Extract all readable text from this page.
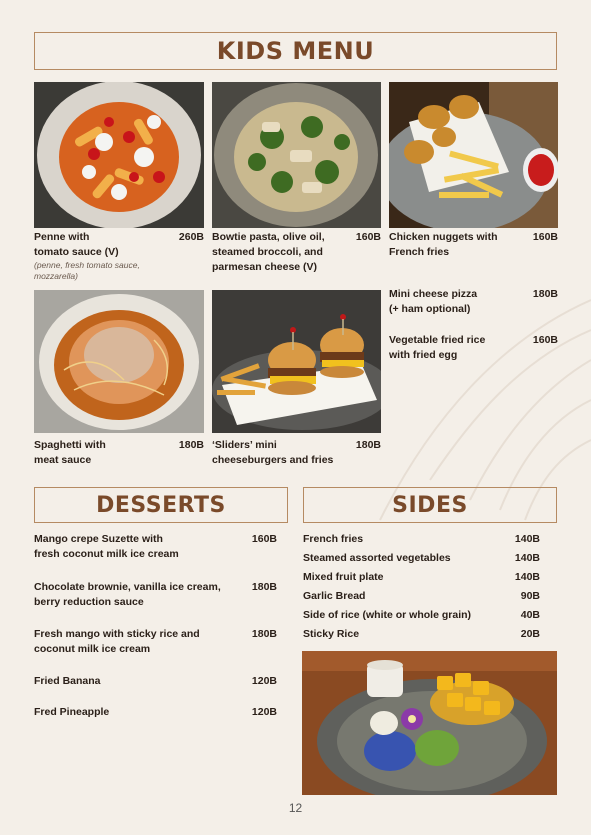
KIDS MENU
Penne with
tomato sauce (V)
(penne, fresh tomato sauce,
mozzarella)
260B Bowtie pasta, olive oil,
steamed broccoli, and
parmesan cheese (V)
160B Chicken nuggets with
French fries
160B
Mini cheese pizza
(+ ham optional)
180B
Vegetable fried rice
with fried egg
160B
Spaghetti with
meat sauce
180B ‘Sliders’ mini
cheeseburgers and fries
180B
DESSERTS	SIDES
Mango crepe Suzette with
fresh coconut milk ice cream
160B
Chocolate brownie, vanilla ice cream,
berry reduction sauce
180B
Fresh mango with sticky rice and
coconut milk ice cream
180B
Fried Banana	120B
Fred Pineapple	120B
French fries	140B
Steamed assorted vegetables	140B
Mixed fruit plate	140B
Garlic Bread	90B
Side of rice (white or whole grain)	40B
Sticky Rice	20B
12
